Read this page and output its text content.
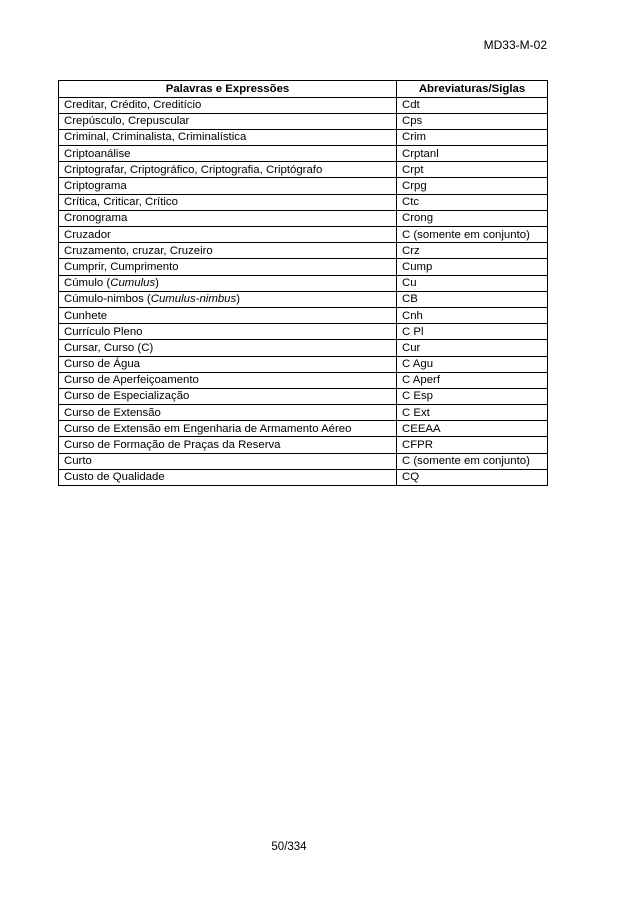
MD33-M-02
Palavras e Expressões	Abreviaturas/Siglas
Creditar, Crédito, Creditício	Cdt
Crepúsculo, Crepuscular	Cps
Criminal, Criminalista, Criminalística	Crim
Criptoanálise	Crptanl
Criptografar, Criptográfico, Criptografia, Criptógrafo	Crpt
Criptograma	Crpg
Crítica, Criticar, Crítico	Ctc
Cronograma	Crong
Cruzador	C (somente em conjunto)
Cruzamento, cruzar, Cruzeiro	Crz
Cumprir, Cumprimento	Cump
Cúmulo (Cumulus)	Cu
Cúmulo-nimbos (Cumulus-nimbus)	CB
Cunhete	Cnh
Currículo Pleno	C Pl
Cursar, Curso (C)	Cur
Curso de Água	C Agu
Curso de Aperfeiçoamento	C Aperf
Curso de Especialização	C Esp
Curso de Extensão	C Ext
Curso de Extensão em Engenharia de Armamento Aéreo	CEEAA
Curso de Formação de Praças da Reserva	CFPR
Curto	C (somente em conjunto)
Custo de Qualidade	CQ
50/334
